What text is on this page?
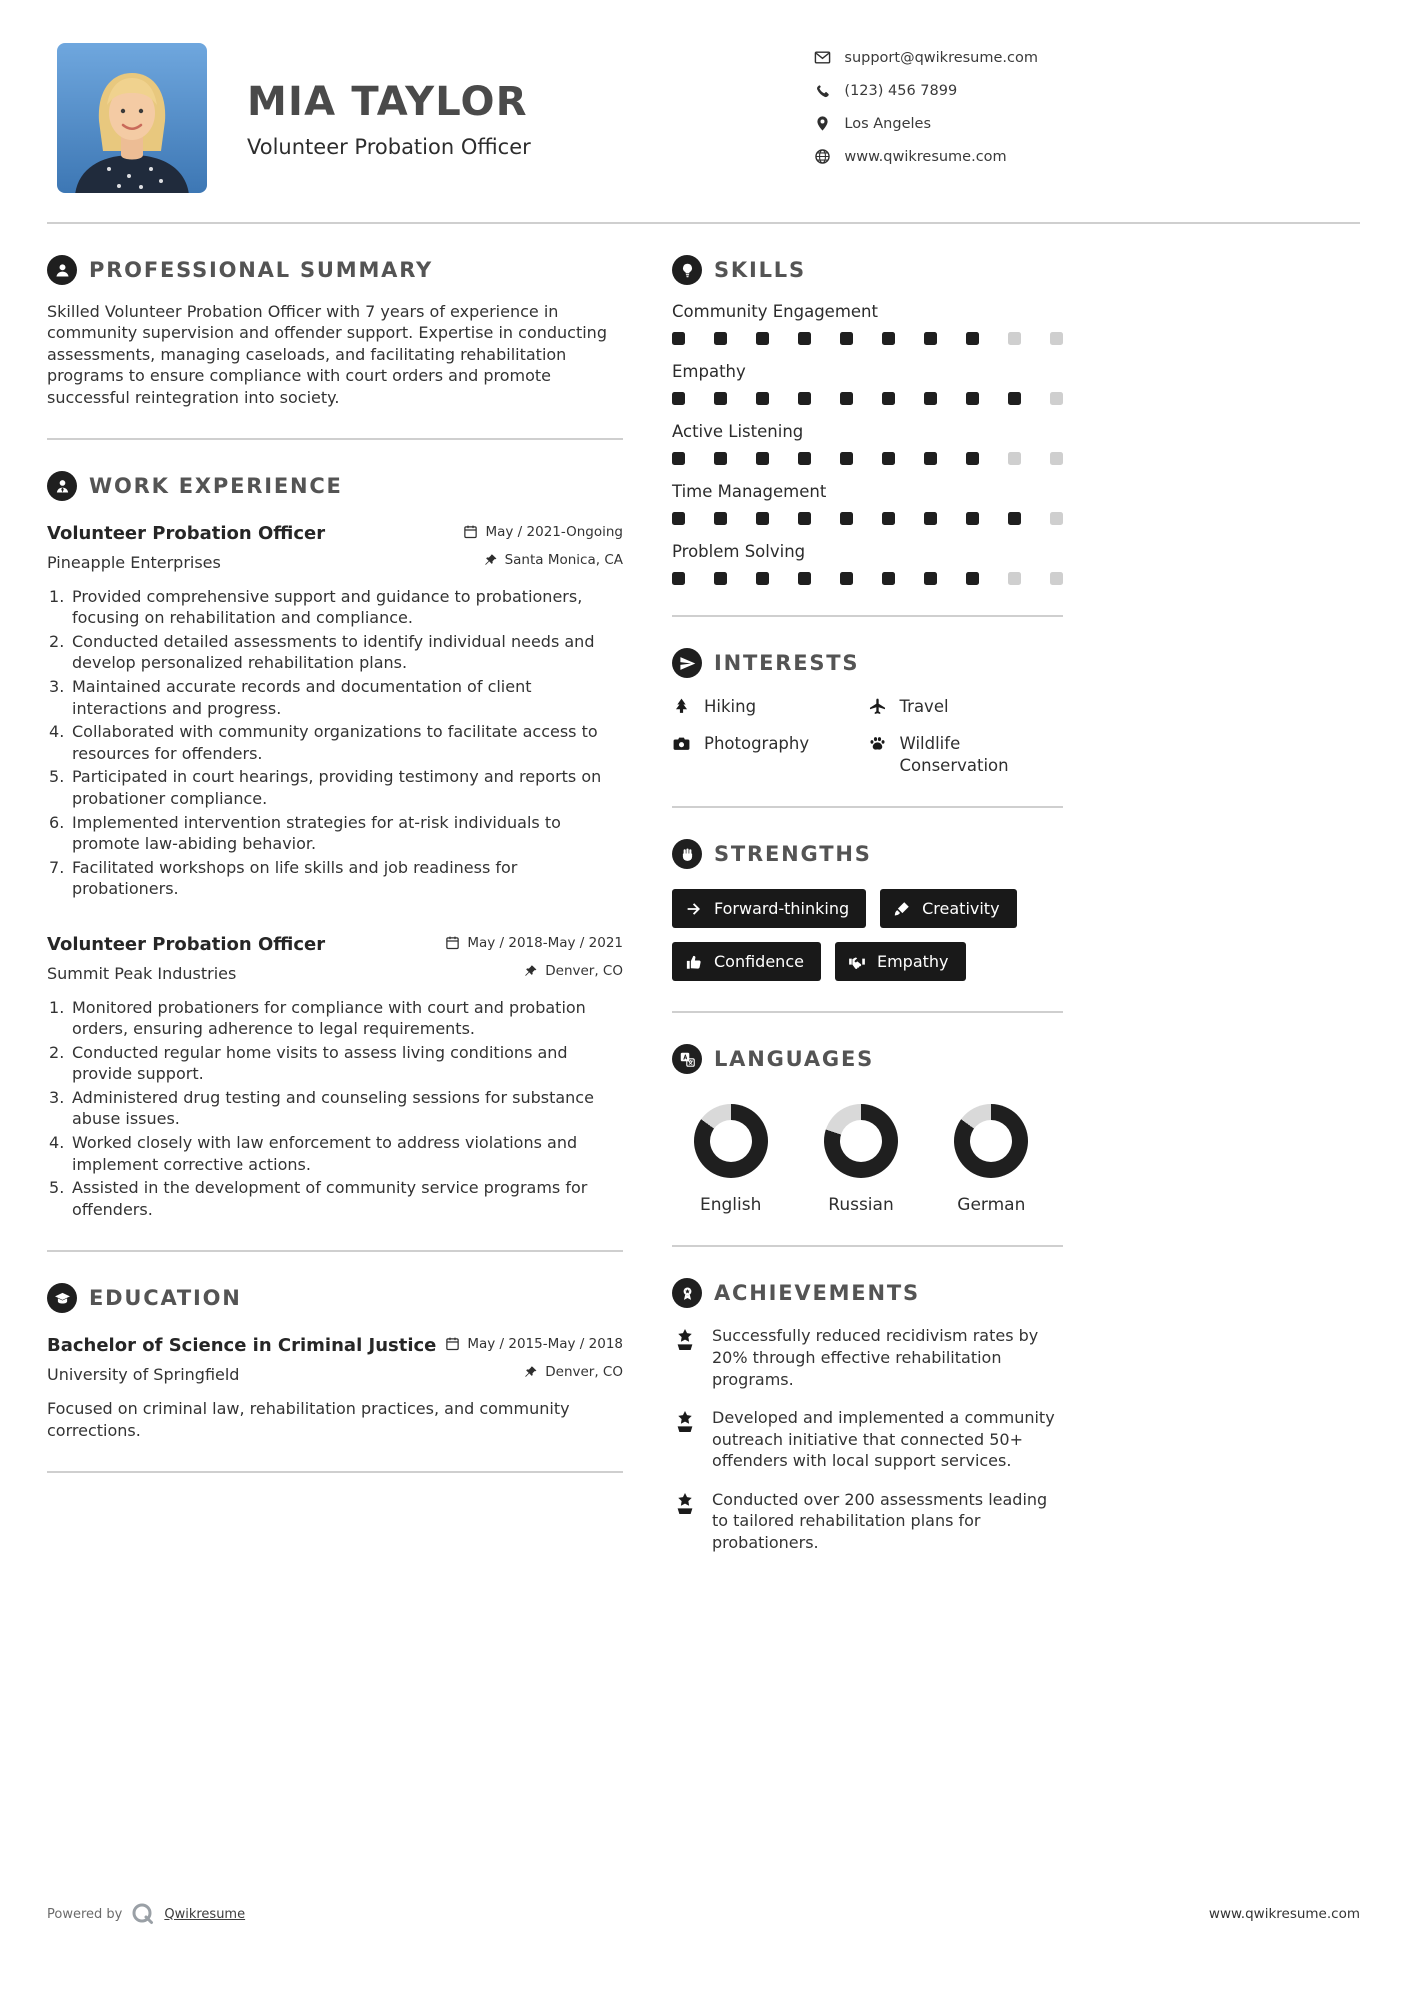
MIA TAYLOR
Volunteer Probation Officer
support@qwikresume.com
(123) 456 7899
Los Angeles
www.qwikresume.com
PROFESSIONAL SUMMARY

Skilled Volunteer Probation Officer with 7 years of experience in community supervision and offender support. Expertise in conducting assessments, managing caseloads, and facilitating rehabilitation programs to ensure compliance with court orders and promote successful reintegration into society.

WORK EXPERIENCE
Volunteer Probation Officer	May / 2021-Ongoing
Pineapple Enterprises	Santa Monica, CA
Provided comprehensive support and guidance to probationers, focusing on rehabilitation and compliance.
Conducted detailed assessments to identify individual needs and develop personalized rehabilitation plans.
Maintained accurate records and documentation of client interactions and progress.
Collaborated with community organizations to facilitate access to resources for offenders.
Participated in court hearings, providing testimony and reports on probationer compliance.
Implemented intervention strategies for at-risk individuals to promote law-abiding behavior.
Facilitated workshops on life skills and job readiness for probationers.
Volunteer Probation Officer	May / 2018-May / 2021
Summit Peak Industries	Denver, CO
Monitored probationers for compliance with court and probation orders, ensuring adherence to legal requirements.
Conducted regular home visits to assess living conditions and provide support.
Administered drug testing and counseling sessions for substance abuse issues.
Worked closely with law enforcement to address violations and implement corrective actions.
Assisted in the development of community service programs for offenders.
EDUCATION
Bachelor of Science in Criminal Justice May / 2015-May / 2018
University of Springfield	Denver, CO

Focused on criminal law, rehabilitation practices, and community corrections.

SKILLS
Community Engagement
Empathy
Active Listening
Time Management
Problem Solving
INTERESTS
Hiking	Travel
Photography	Wildlife Conservation
STRENGTHS
Forward-thinking	Creativity
Confidence	Empathy
LANGUAGES
English	Russian	German
ACHIEVEMENTS

Successfully reduced recidivism rates by 20% through effective rehabilitation programs.

Developed and implemented a community outreach initiative that connected 50+ offenders with local support services.

Conducted over 200 assessments leading to tailored rehabilitation plans for probationers.

Powered by	Qwikresume	www.qwikresume.com
